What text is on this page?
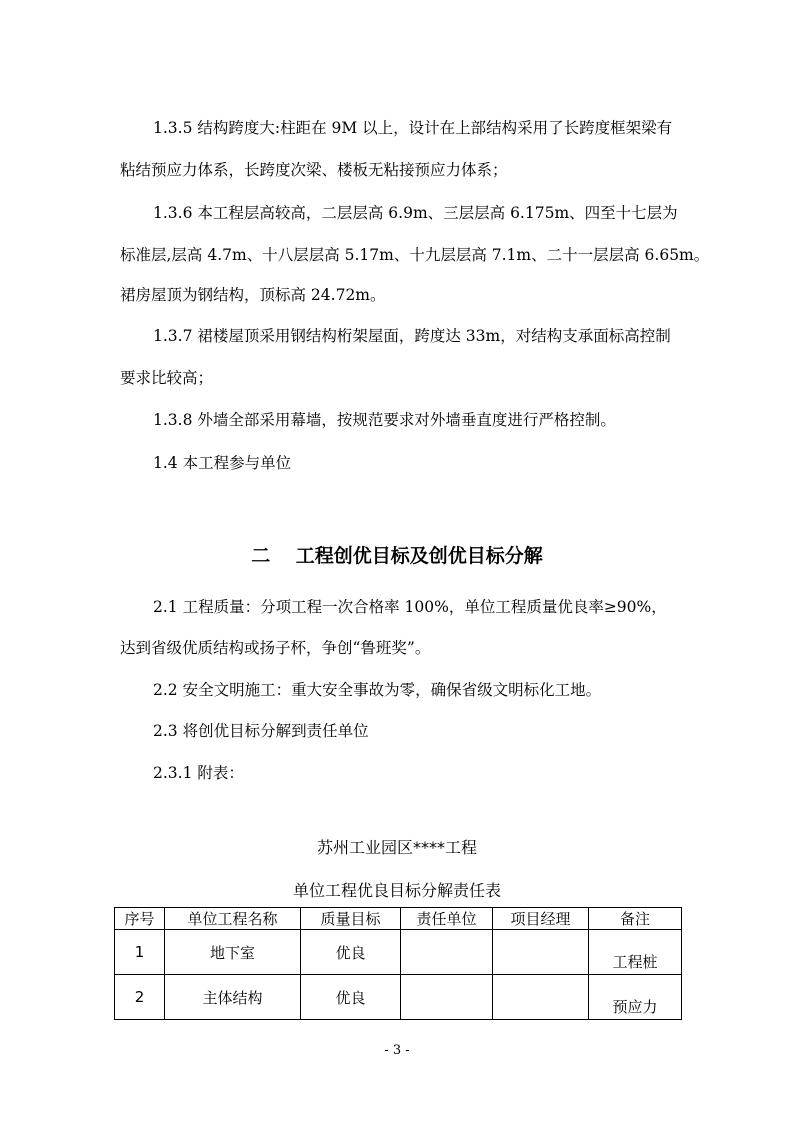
1.3.5 结构跨度大:柱距在 9M 以上，设计在上部结构采用了长跨度框架梁有
粘结预应力体系，长跨度次梁、楼板无粘接预应力体系；
1.3.6 本工程层高较高，二层层高 6.9m、三层层高 6.175m、四至十七层为
标准层,层高 4.7m、十八层层高 5.17m、十九层层高 7.1m、二十一层层高 6.65m。
裙房屋顶为钢结构，顶标高 24.72m。
1.3.7 裙楼屋顶采用钢结构桁架屋面，跨度达 33m，对结构支承面标高控制
要求比较高；
1.3.8 外墙全部采用幕墙，按规范要求对外墙垂直度进行严格控制。
1.4 本工程参与单位
二　 工程创优目标及创优目标分解
2.1 工程质量：分项工程一次合格率 100%，单位工程质量优良率≥90%，
达到省级优质结构或扬子杯，争创“鲁班奖”。
2.2 安全文明施工：重大安全事故为零，确保省级文明标化工地。
2.3 将创优目标分解到责任单位
2.3.1 附表：
苏州工业园区****工程
单位工程优良目标分解责任表
序号	单位工程名称	质量目标	责任单位	项目经理	备注
1	地下室	优良			工程桩
2	主体结构	优良			预应力
- 3 -
